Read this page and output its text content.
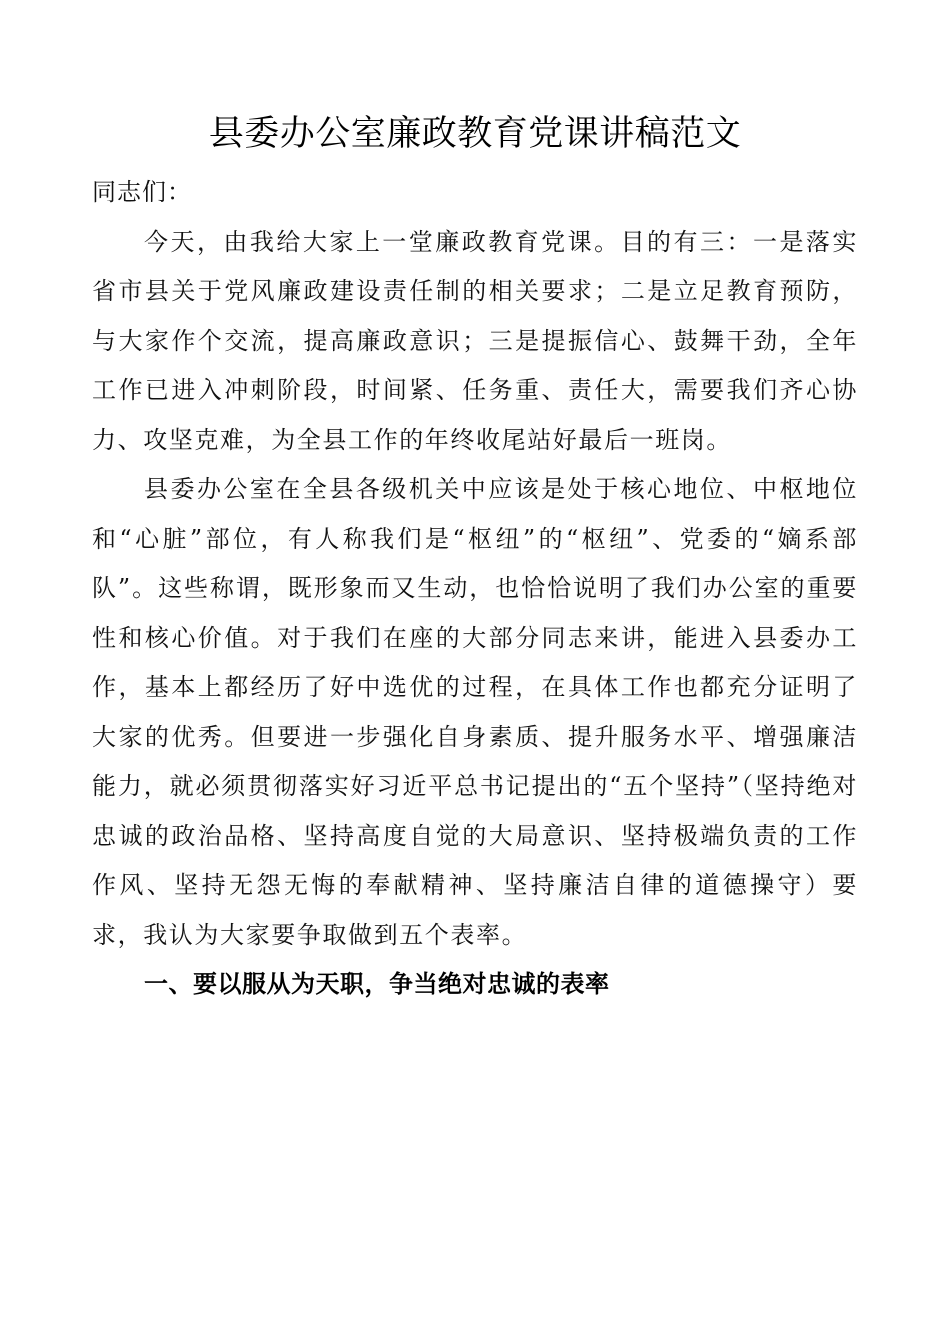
县委办公室廉政教育党课讲稿范文

同志们：

今天，由我给大家上一堂廉政教育党课。目的有三：一是落实省市县关于党风廉政建设责任制的相关要求；二是立足教育预防，与大家作个交流，提高廉政意识；三是提振信心、鼓舞干劲，全年工作已进入冲刺阶段，时间紧、任务重、责任大，需要我们齐心协力、攻坚克难，为全县工作的年终收尾站好最后一班岗。

县委办公室在全县各级机关中应该是处于核心地位、中枢地位和“心脏”部位，有人称我们是“枢纽”的“枢纽”、党委的“嫡系部队”。这些称谓，既形象而又生动，也恰恰说明了我们办公室的重要性和核心价值。对于我们在座的大部分同志来讲，能进入县委办工作，基本上都经历了好中选优的过程，在具体工作也都充分证明了大家的优秀。但要进一步强化自身素质、提升服务水平、增强廉洁能力，就必须贯彻落实好习近平总书记提出的“五个坚持”（坚持绝对忠诚的政治品格、坚持高度自觉的大局意识、坚持极端负责的工作作风、坚持无怨无悔的奉献精神、坚持廉洁自律的道德操守）要求，我认为大家要争取做到五个表率。

一、要以服从为天职，争当绝对忠诚的表率
